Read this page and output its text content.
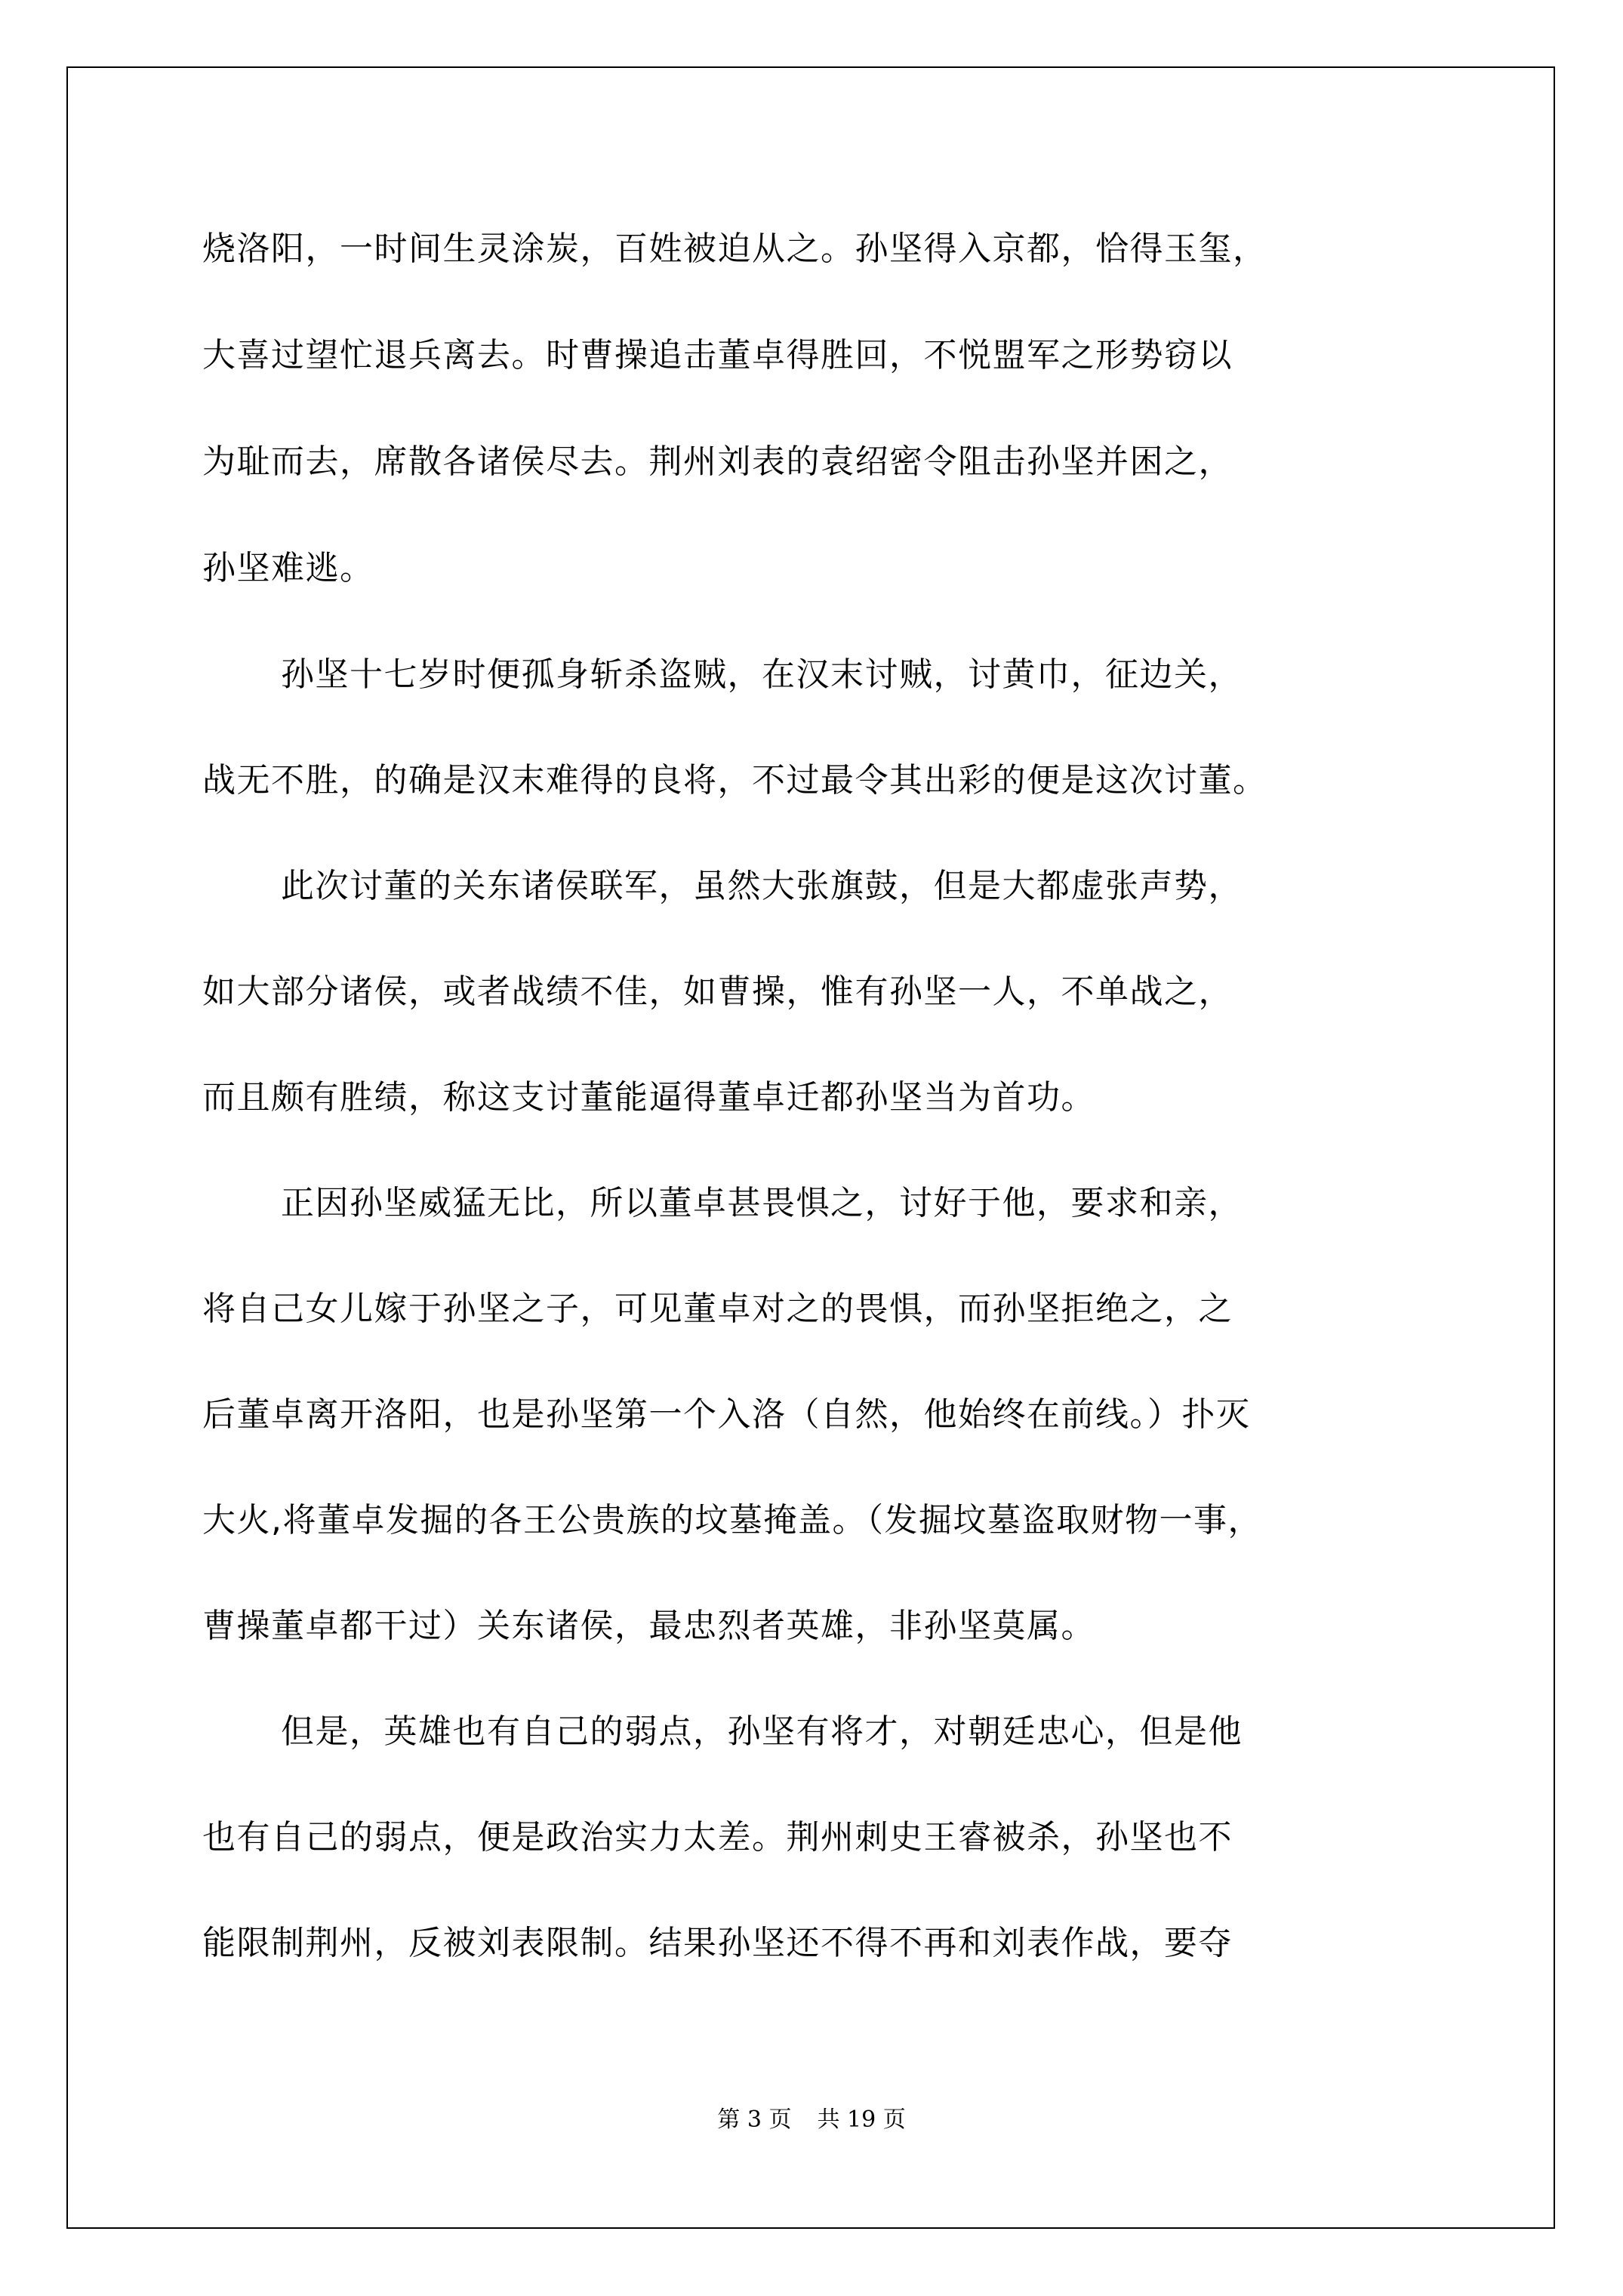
烧洛阳，一时间生灵涂炭，百姓被迫从之。孙坚得入京都，恰得玉玺，
大喜过望忙退兵离去。时曹操追击董卓得胜回，不悦盟军之形势窃以
为耻而去，席散各诸侯尽去。荆州刘表的袁绍密令阻击孙坚并困之，
孙坚难逃。
孙坚十七岁时便孤身斩杀盗贼，在汉末讨贼，讨黄巾，征边关，
战无不胜，的确是汉末难得的良将，不过最令其出彩的便是这次讨董。
此次讨董的关东诸侯联军，虽然大张旗鼓，但是大都虚张声势，
如大部分诸侯，或者战绩不佳，如曹操，惟有孙坚一人，不单战之，
而且颇有胜绩，称这支讨董能逼得董卓迁都孙坚当为首功。
正因孙坚威猛无比，所以董卓甚畏惧之，讨好于他，要求和亲，
将自己女儿嫁于孙坚之子，可见董卓对之的畏惧，而孙坚拒绝之，之
后董卓离开洛阳，也是孙坚第一个入洛（自然，他始终在前线。）扑灭
大火,将董卓发掘的各王公贵族的坟墓掩盖。（发掘坟墓盗取财物一事，
曹操董卓都干过）关东诸侯，最忠烈者英雄，非孙坚莫属。
但是，英雄也有自己的弱点，孙坚有将才，对朝廷忠心，但是他
也有自己的弱点，便是政治实力太差。荆州刺史王睿被杀，孙坚也不
能限制荆州，反被刘表限制。结果孙坚还不得不再和刘表作战，要夺
第 3 页 共 19 页
